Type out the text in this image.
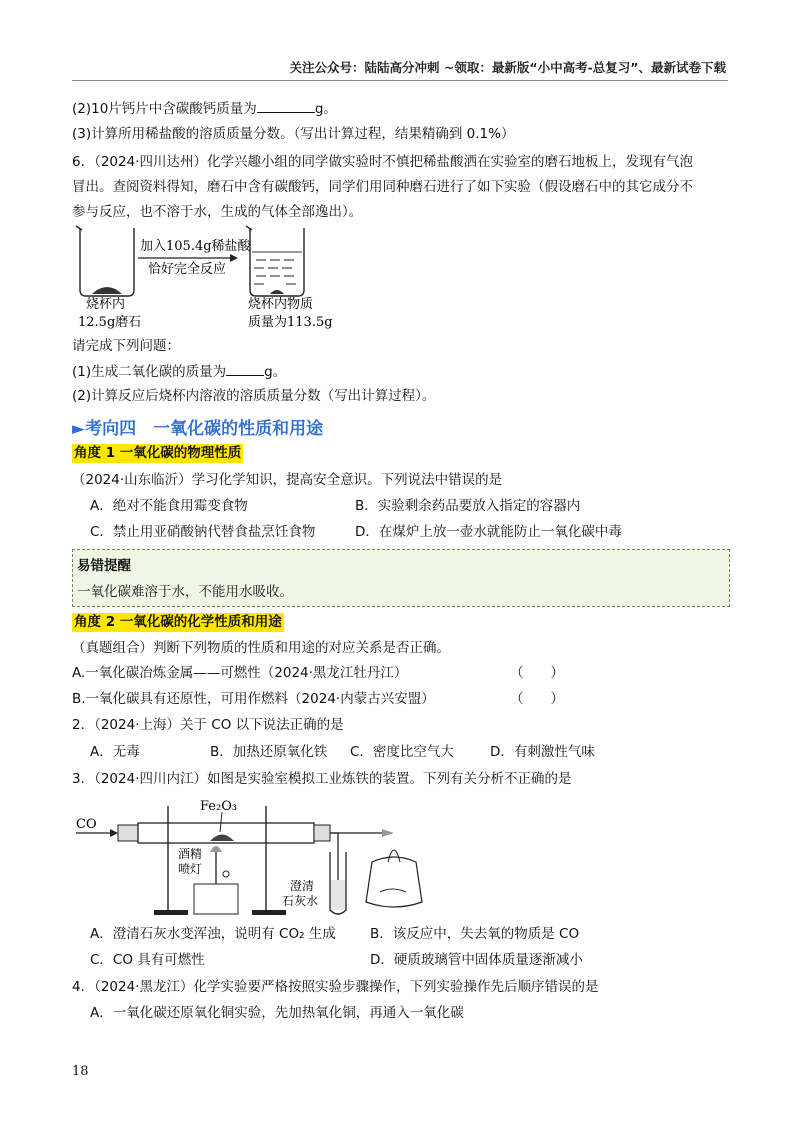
关注公众号：陆陆高分冲刺 ~领取：最新版“小中高考-总复习”、最新试卷下载
(2)10片钙片中含碳酸钙质量为	g。
(3)计算所用稀盐酸的溶质质量分数。（写出计算过程，结果精确到 0.1%）
6．（2024·四川达州）化学兴趣小组的同学做实验时不慎把稀盐酸洒在实验室的磨石地板上，发现有气泡
冒出。查阅资料得知，磨石中含有碳酸钙，同学们用同种磨石进行了如下实验（假设磨石中的其它成分不
参与反应，也不溶于水，生成的气体全部逸出）。
加入105.4g稀盐酸
恰好完全反应
烧杯内
12.5g磨石
烧杯内物质
质量为113.5g
请完成下列问题：
(1)生成二氧化碳的质量为	g。
(2)计算反应后烧杯内溶液的溶质质量分数（写出计算过程）。
►考向四　一氧化碳的性质和用途
角度 1 一氧化碳的物理性质
（2024·山东临沂）学习化学知识，提高安全意识。下列说法中错误的是
A．绝对不能食用霉变食物	B．实验剩余药品要放入指定的容器内
C．禁止用亚硝酸钠代替食盐烹饪食物	D．在煤炉上放一壶水就能防止一氧化碳中毒
易错提醒
一氧化碳难溶于水，不能用水吸收。
角度 2 一氧化碳的化学性质和用途
（真题组合）判断下列物质的性质和用途的对应关系是否正确。
A.一氧化碳冶炼金属——可燃性（2024·黑龙江牡丹江）	（　　）
B.一氧化碳具有还原性，可用作燃料（2024·内蒙古兴安盟）	（　　）
2．（2024·上海）关于 CO 以下说法正确的是
A．无毒	B．加热还原氧化铁 C．密度比空气大	D．有刺激性气味
3．（2024·四川内江）如图是实验室模拟工业炼铁的装置。下列有关分析不正确的是
CO
Fe₂O₃
酒精
喷灯
澄清
石灰水
A．澄清石灰水变浑浊，说明有 CO₂ 生成	B．该反应中，失去氧的物质是 CO
C．CO 具有可燃性	D．硬质玻璃管中固体质量逐渐减小
4．（2024·黑龙江）化学实验要严格按照实验步骤操作，下列实验操作先后顺序错误的是
A．一氧化碳还原氧化铜实验，先加热氧化铜，再通入一氧化碳
18
